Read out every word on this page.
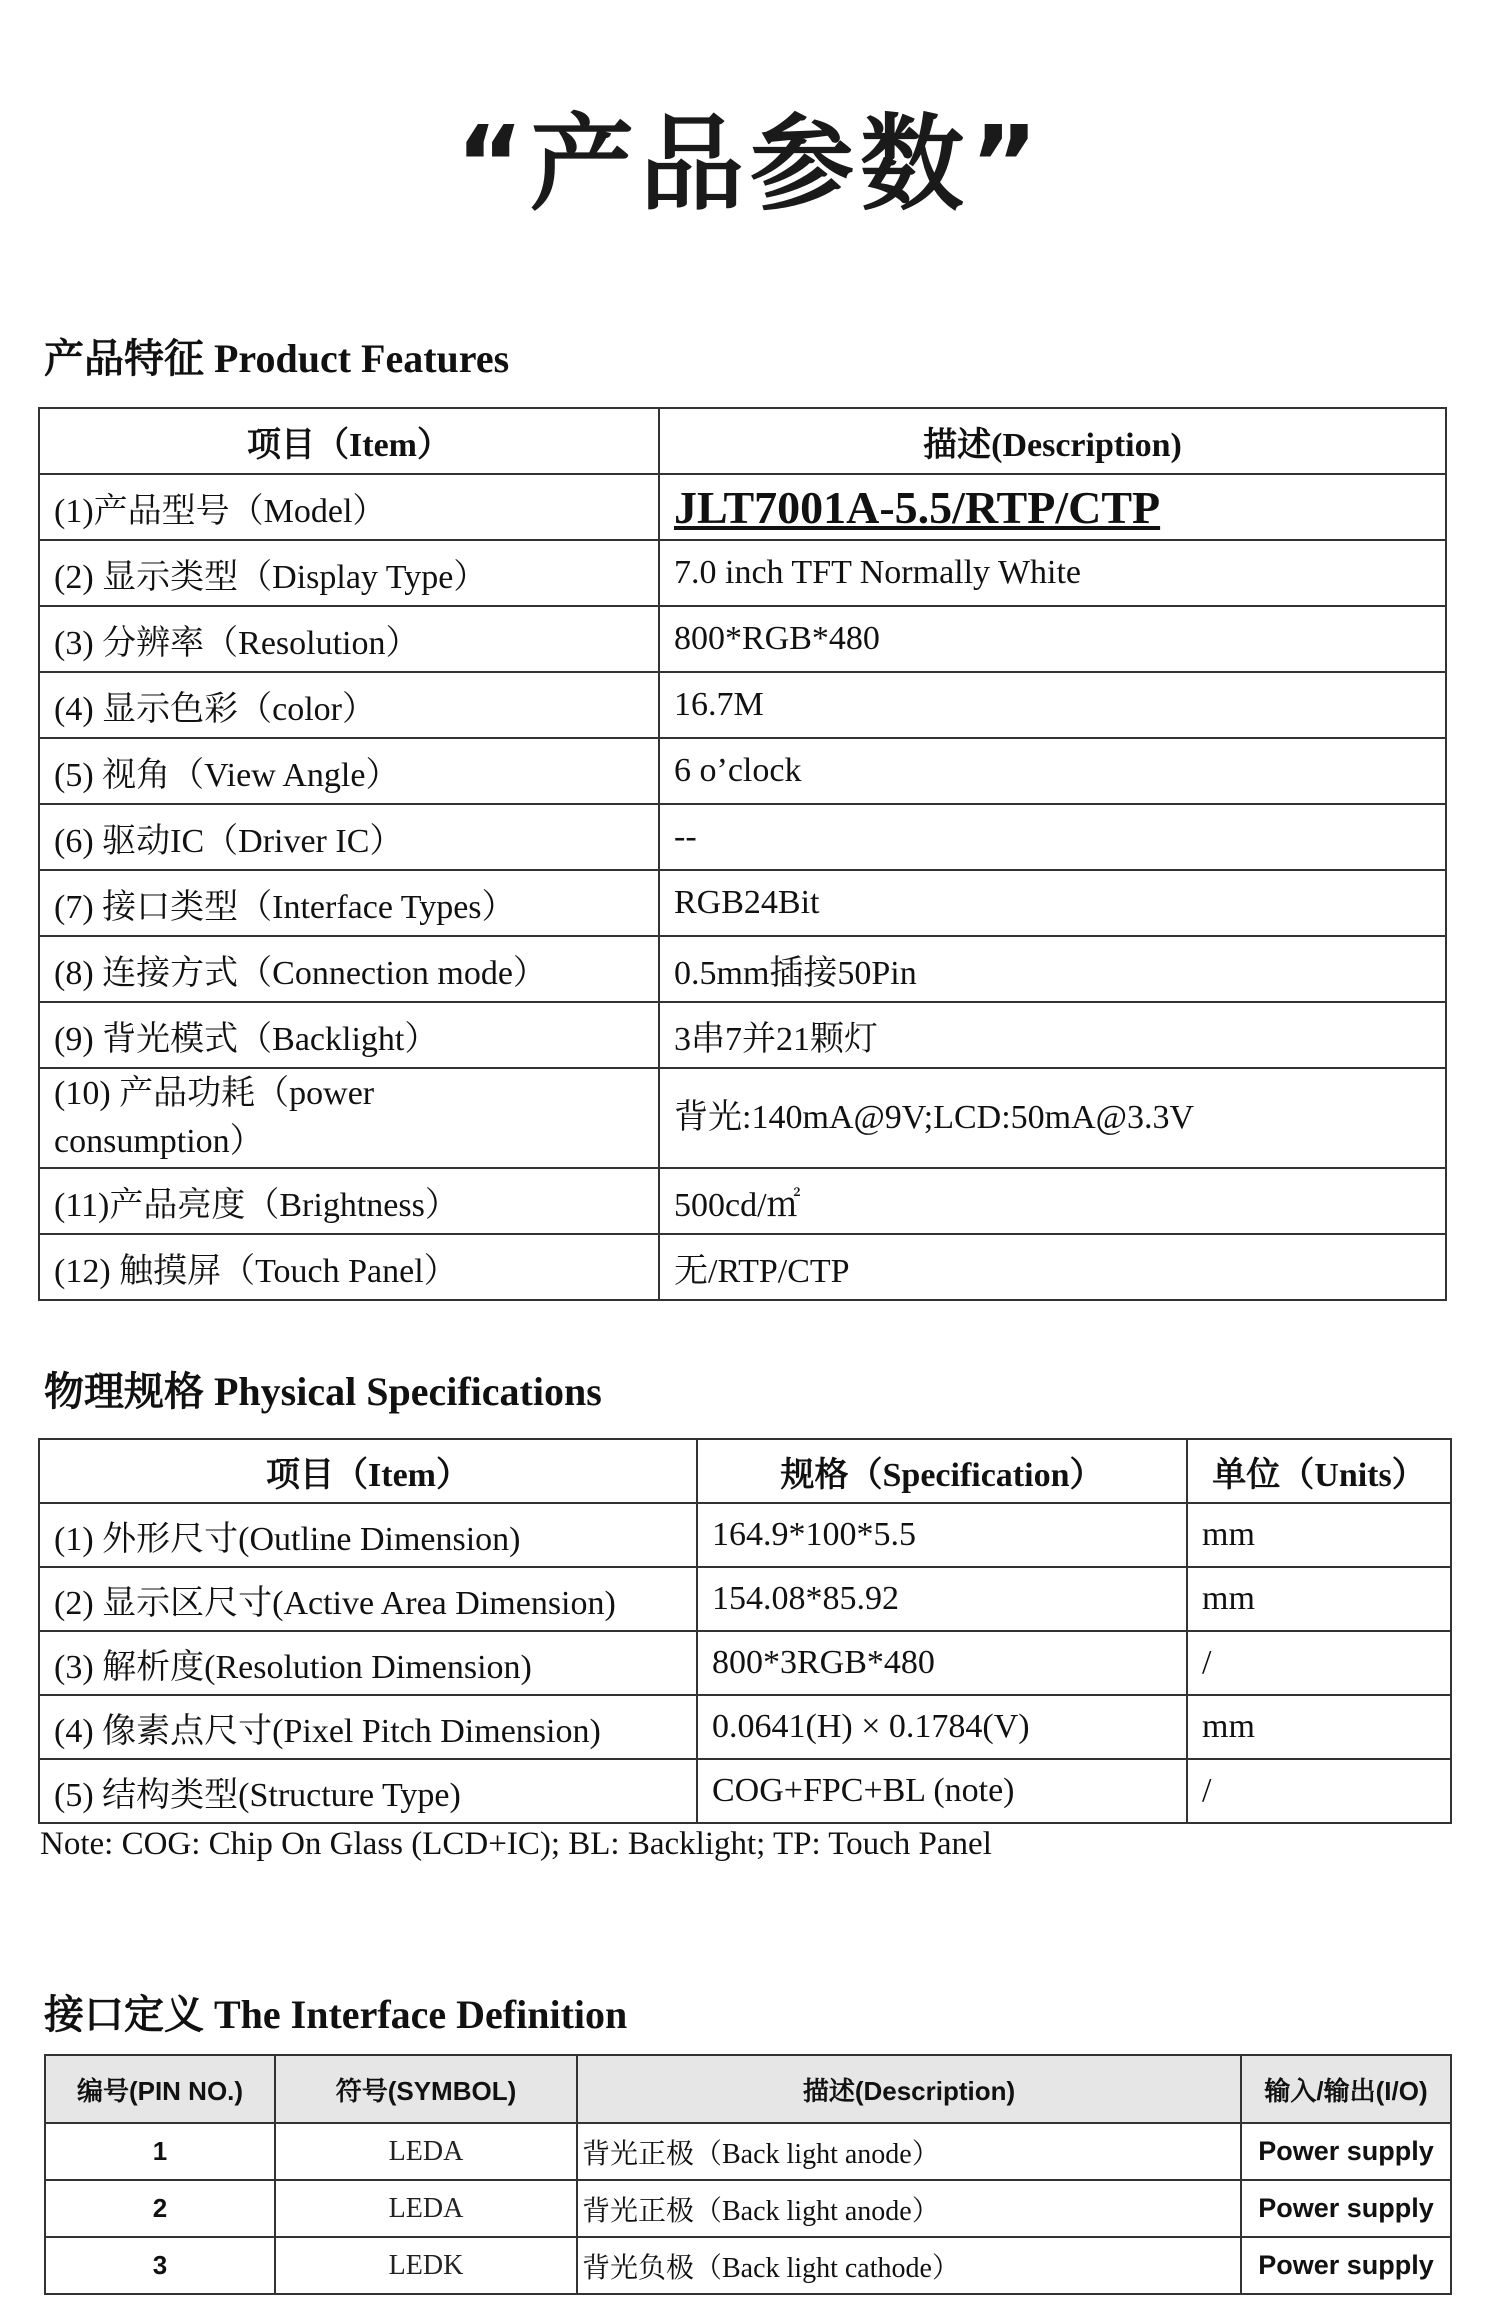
“产品参数”
产品特征 Product Features
项目（Item）	描述(Description)
(1)产品型号（Model）	JLT7001A-5.5/RTP/CTP
(2) 显示类型（Display Type）	7.0 inch TFT Normally White
(3) 分辨率（Resolution）	800*RGB*480
(4) 显示色彩（color）	16.7M
(5) 视角（View Angle）	6 o’clock
(6) 驱动IC（Driver IC）	--
(7) 接口类型（Interface Types）	RGB24Bit
(8) 连接方式（Connection mode）	0.5mm插接50Pin
(9) 背光模式（Backlight）	3串7并21颗灯

(10) 产品功耗（power
consumption）	背光:140mA@9V;LCD:50mA@3.3V
(11)产品亮度（Brightness）	500cd/㎡
(12) 触摸屏（Touch Panel）	无/RTP/CTP
物理规格 Physical Specifications
项目（Item）	规格（Specification）	单位（Units）
(1) 外形尺寸(Outline Dimension)	164.9*100*5.5	mm
(2) 显示区尺寸(Active Area Dimension)	154.08*85.92	mm
(3) 解析度(Resolution Dimension)	800*3RGB*480	/
(4) 像素点尺寸(Pixel Pitch Dimension)	0.0641(H) × 0.1784(V)	mm
(5) 结构类型(Structure Type)	COG+FPC+BL (note)	/
Note: COG: Chip On Glass (LCD+IC); BL: Backlight; TP: Touch Panel
接口定义 The Interface Definition
编号(PIN NO.)	符号(SYMBOL)	描述(Description)	输入/输出(I/O)
1	LEDA	背光正极（Back light anode）	Power supply
2	LEDA	背光正极（Back light anode）	Power supply
3	LEDK	背光负极（Back light cathode）	Power supply
